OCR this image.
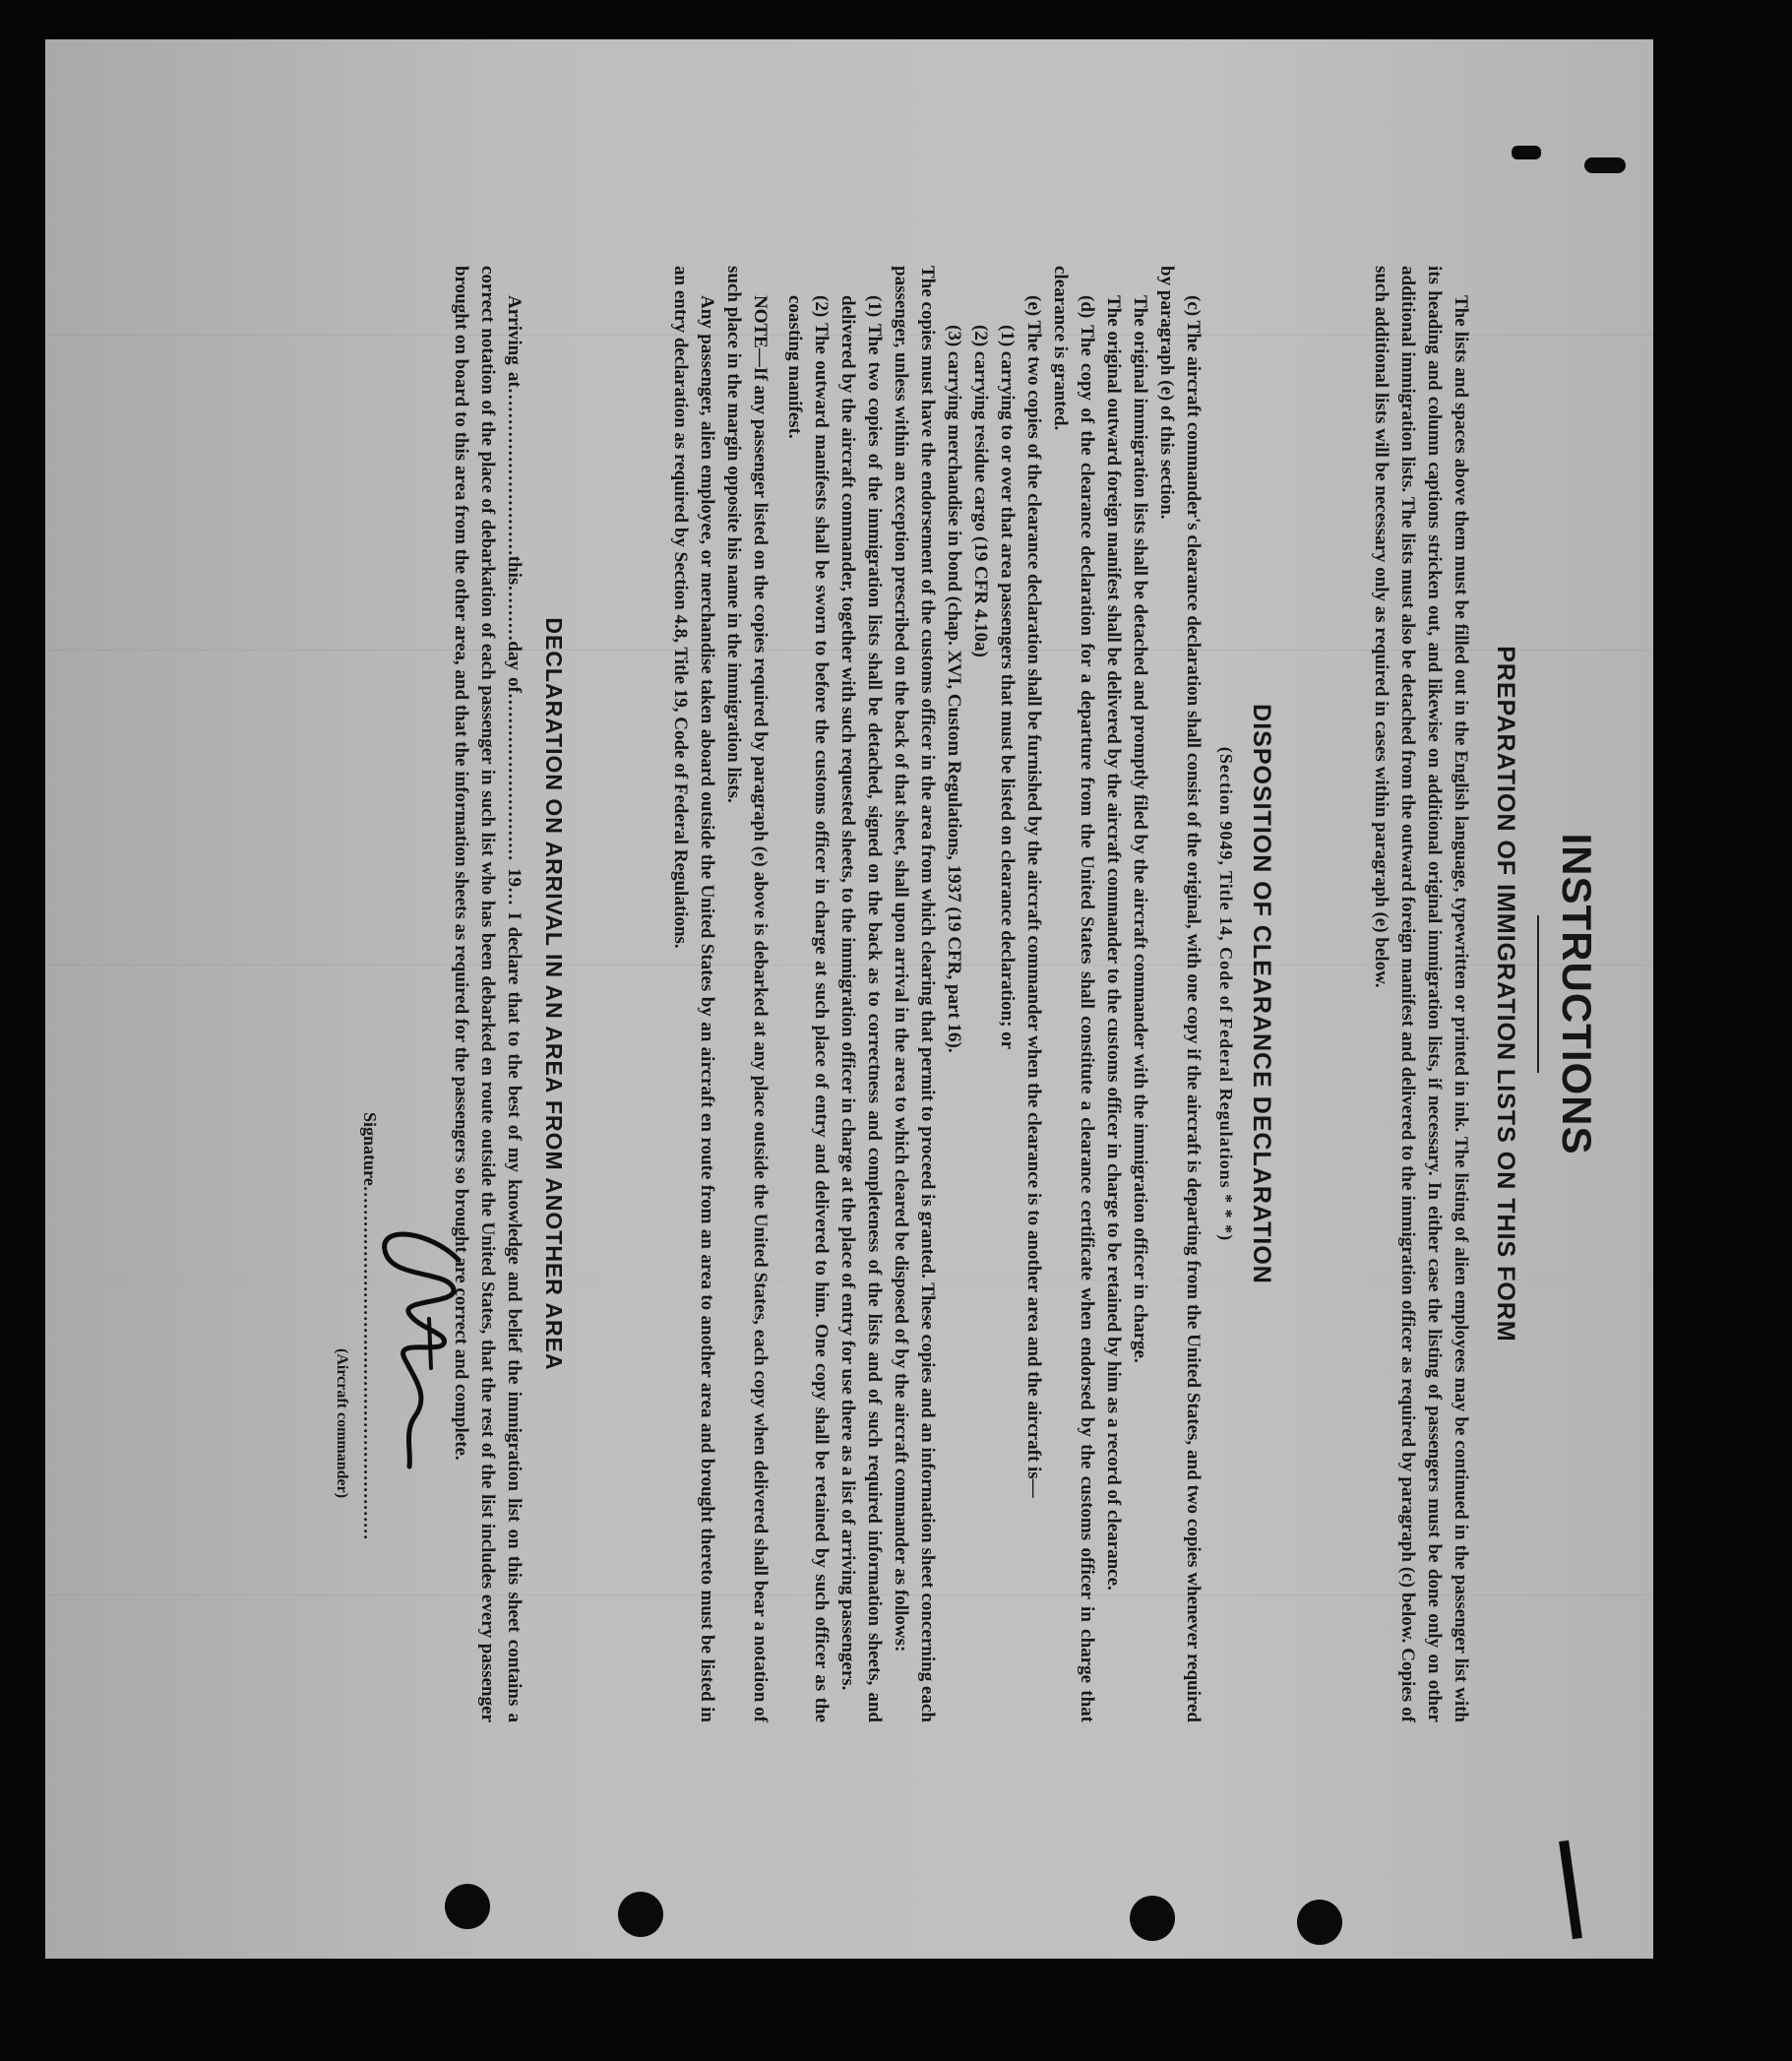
INSTRUCTIONS
PREPARATION OF IMMIGRATION LISTS ON THIS FORM
The lists and spaces above them must be filled out in the English language, typewritten or printed in ink. The listing of alien employees may be continued in the passenger list with its heading and column captions stricken out, and likewise on additional original immigration lists, if necessary. In either case the listing of passengers must be done only on other additional immigration lists. The lists must also be detached from the outward foreign manifest and delivered to the immigration officer as required by paragraph (c) below. Copies of such additional lists will be necessary only as required in cases within paragraph (e) below.
DISPOSITION OF CLEARANCE DECLARATION
(Section 9049, Title 14, Code of Federal Regulations * * *)
(c) The aircraft commander's clearance declaration shall consist of the original, with one copy if the aircraft is departing from the United States, and two copies whenever required by paragraph (e) of this section.
The original immigration lists shall be detached and promptly filed by the aircraft commander with the immigration officer in charge.
The original outward foreign manifest shall be delivered by the aircraft commander to the customs officer in charge to be retained by him as a record of clearance.
(d) The copy of the clearance declaration for a departure from the United States shall constitute a clearance certificate when endorsed by the customs officer in charge that clearance is granted.
(e) The two copies of the clearance declaration shall be furnished by the aircraft commander when the clearance is to another area and the aircraft is—
(1) carrying to or over that area passengers that must be listed on clearance declaration; or
(2) carrying residue cargo (19 CFR 4.10a)
(3) carrying merchandise in bond (chap. XVI, Custom Regulations, 1937 (19 CFR, part 16).
The copies must have the endorsement of the customs officer in the area from which clearing that permit to proceed is granted. These copies and an information sheet concerning each passenger, unless within an exception prescribed on the back of that sheet, shall upon arrival in the area to which cleared be disposed of by the aircraft commander as follows:
(1) The two copies of the immigration lists shall be detached, signed on the back as to correctness and completeness of the lists and of such required information sheets, and delivered by the aircraft commander, together with such requested sheets, to the immigration officer in charge at the place of entry for use there as a list of arriving passengers.
(2) The outward manifests shall be sworn to before the customs officer in charge at such place of entry and delivered to him. One copy shall be retained by such officer as the coasting manifest.
NOTE—If any passenger listed on the copies required by paragraph (e) above is debarked at any place outside the United States, each copy when delivered shall bear a notation of such place in the margin opposite his name in the immigration lists.
Any passenger, alien employee, or merchandise taken aboard outside the United States by an aircraft en route from an area to another area and brought thereto must be listed in an entry declaration as required by Section 4.8, Title 19, Code of Federal Regulations.
DECLARATION ON ARRIVAL IN AN AREA FROM ANOTHER AREA
Arriving at………………………this………day of……………………… 19… I declare that to the best of my knowledge and belief the immigration list on this sheet contains a correct notation of the place of debarkation of each passenger in such list who has been debarked en route outside the United States, that the rest of the list includes every passenger brought on board to this area from the other area, and that the information sheets as required for the passengers so brought are correct and complete.
Signature……………………………………………………
(Aircraft commander)
